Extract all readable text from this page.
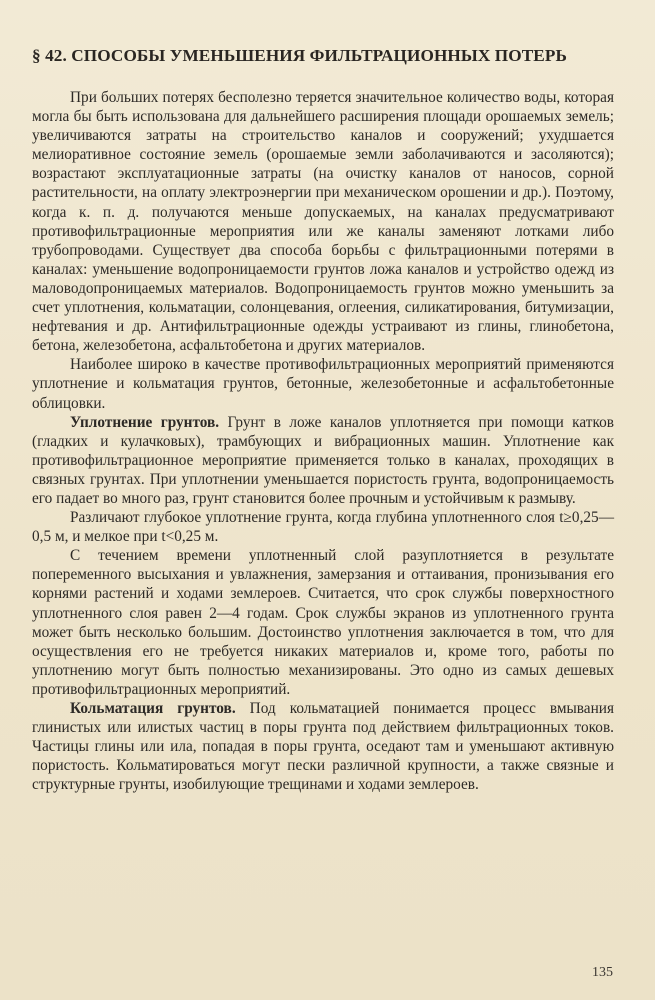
§ 42. СПОСОБЫ УМЕНЬШЕНИЯ ФИЛЬТРАЦИОННЫХ ПОТЕРЬ

При больших потерях бесполезно теряется значительное количество воды, которая могла бы быть использована для дальнейшего расширения площади орошаемых земель; увеличиваются затраты на строительство каналов и сооружений; ухудшается мелиоративное состояние земель (орошаемые земли заболачиваются и засоляются); возрастают эксплуатационные затраты (на очистку каналов от наносов, сорной растительности, на оплату электроэнергии при механическом орошении и др.). Поэтому, когда к. п. д. получаются меньше допускаемых, на каналах предусматривают противофильтрационные мероприятия или же каналы заменяют лотками либо трубопроводами. Существует два способа борьбы с фильтрационными потерями в каналах: уменьшение водопроницаемости грунтов ложа каналов и устройство одежд из маловодопроницаемых материалов. Водопроницаемость грунтов можно уменьшить за счет уплотнения, кольматации, солонцевания, оглеения, силикатирования, битумизации, нефтевания и др. Антифильтрационные одежды устраивают из глины, глинобетона, бетона, железобетона, асфальтобетона и других материалов.

Наиболее широко в качестве противофильтрационных мероприятий применяются уплотнение и кольматация грунтов, бетонные, железобетонные и асфальтобетонные облицовки.

Уплотнение грунтов. Грунт в ложе каналов уплотняется при помощи катков (гладких и кулачковых), трамбующих и вибрационных машин. Уплотнение как противофильтрационное мероприятие применяется только в каналах, проходящих в связных грунтах. При уплотнении уменьшается пористость грунта, водопроницаемость его падает во много раз, грунт становится более прочным и устойчивым к размыву.

Различают глубокое уплотнение грунта, когда глубина уплотненного слоя t≥0,25—0,5 м, и мелкое при t<0,25 м.

С течением времени уплотненный слой разуплотняется в результате попеременного высыхания и увлажнения, замерзания и оттаивания, пронизывания его корнями растений и ходами землероев. Считается, что срок службы поверхностного уплотненного слоя равен 2—4 годам. Срок службы экранов из уплотненного грунта может быть несколько большим. Достоинство уплотнения заключается в том, что для осуществления его не требуется никаких материалов и, кроме того, работы по уплотнению могут быть полностью механизированы. Это одно из самых дешевых противофильтрационных мероприятий.

Кольматация грунтов. Под кольматацией понимается процесс вмывания глинистых или илистых частиц в поры грунта под действием фильтрационных токов. Частицы глины или ила, попадая в поры грунта, оседают там и уменьшают активную пористость. Кольматироваться могут пески различной крупности, а также связные и структурные грунты, изобилующие трещинами и ходами землероев.

135
